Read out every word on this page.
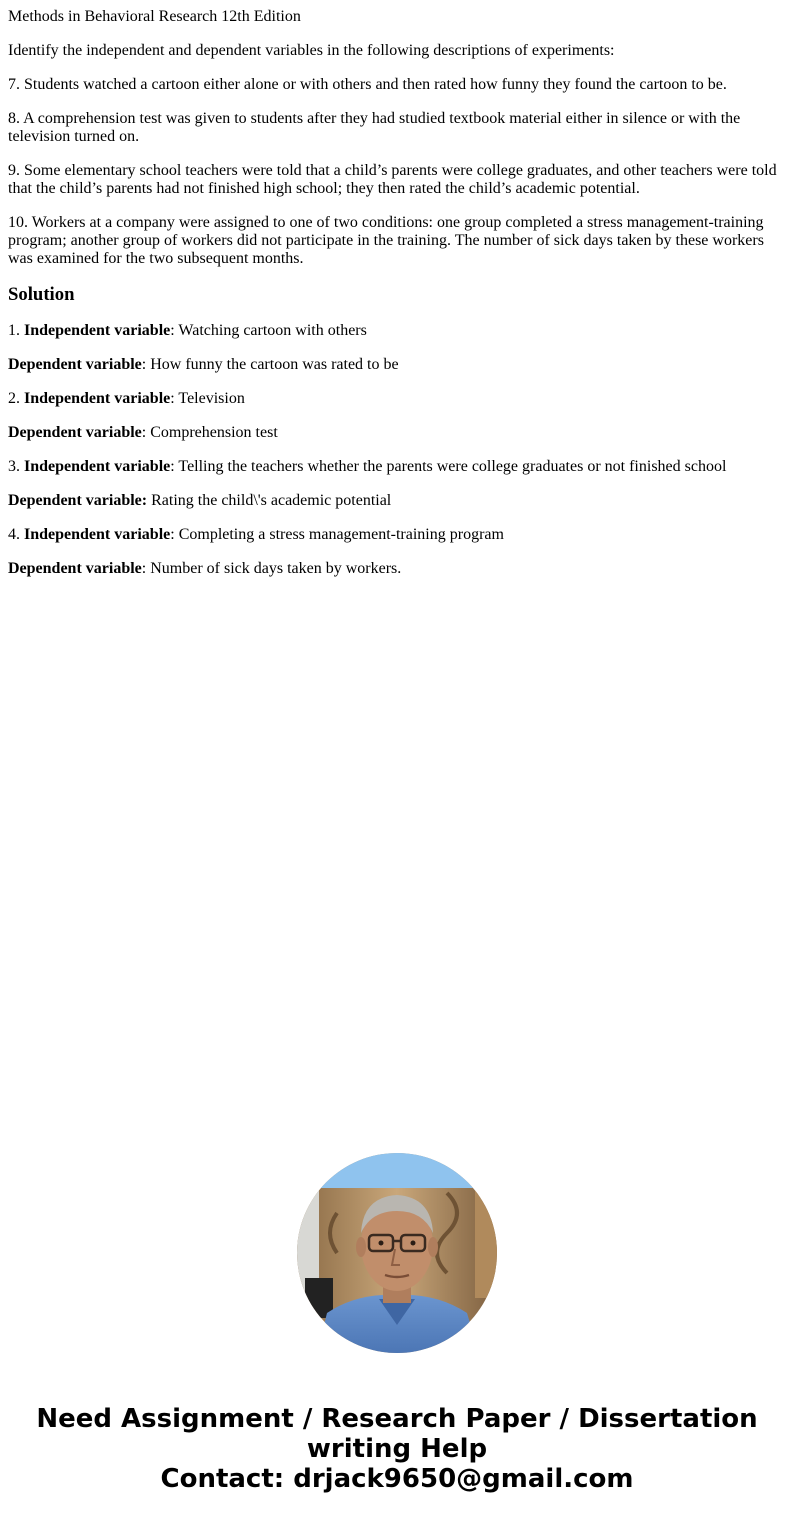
Methods in Behavioral Research 12th Edition

Identify the independent and dependent variables in the following descriptions of experiments:

7. Students watched a cartoon either alone or with others and then rated how funny they found the cartoon to be.

8. A comprehension test was given to students after they had studied textbook material either in silence or with the television turned on.

9. Some elementary school teachers were told that a child’s parents were college graduates, and other teachers were told that the child’s parents had not finished high school; they then rated the child’s academic potential.

10. Workers at a company were assigned to one of two conditions: one group completed a stress management-training program; another group of workers did not participate in the training. The number of sick days taken by these workers was examined for the two subsequent months.

Solution

1. Independent variable: Watching cartoon with others

Dependent variable: How funny the cartoon was rated to be

2. Independent variable: Television

Dependent variable: Comprehension test

3. Independent variable: Telling the teachers whether the parents were college graduates or not finished school

Dependent variable: Rating the child\'s academic potential

4. Independent variable: Completing a stress management-training program

Dependent variable: Number of sick days taken by workers.

Need Assignment / Research Paper / Dissertation
writing Help
Contact: drjack9650@gmail.com
